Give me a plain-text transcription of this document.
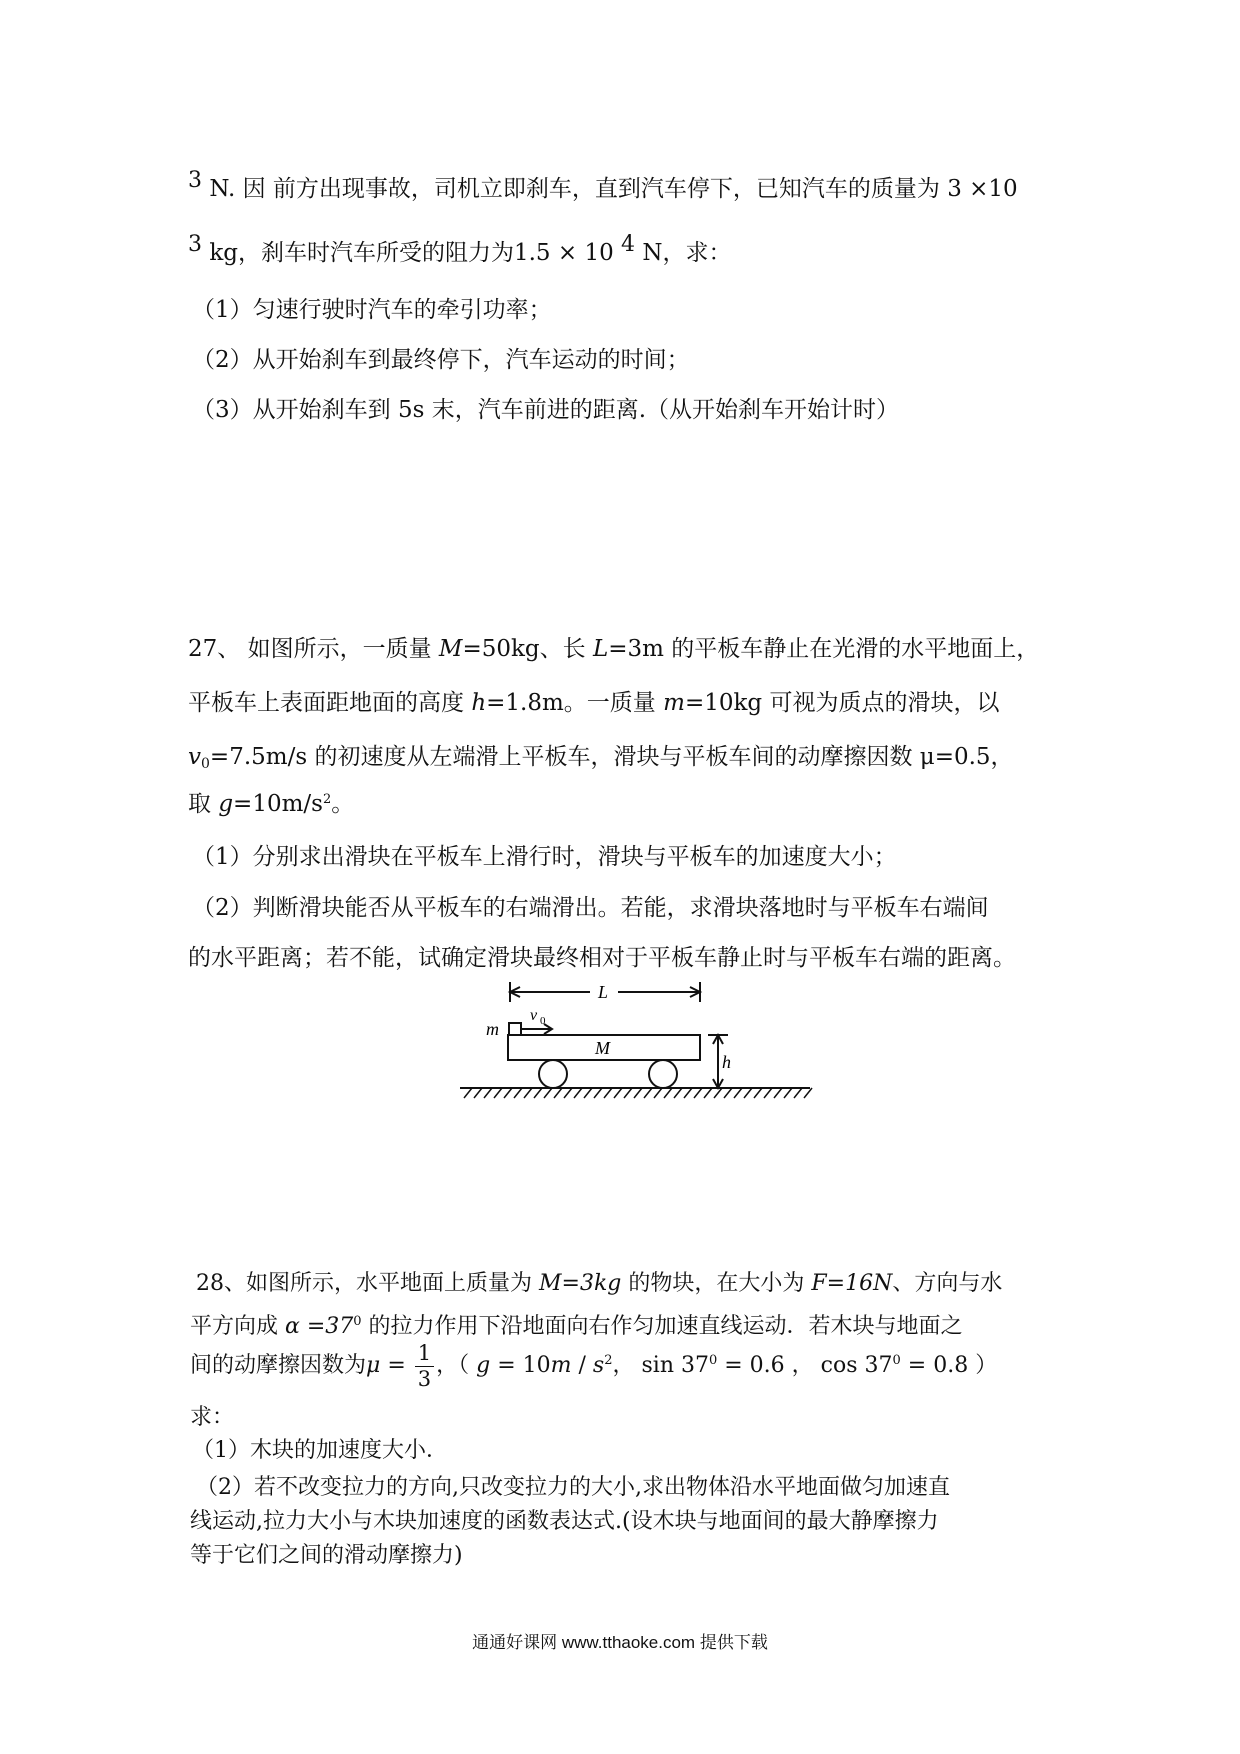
$^3$ N. 因 前方出现事故，司机立即刹车，直到汽车停下，已知汽车的质量为 3 ×10
$^3$ kg，刹车时汽车所受的阻力为1.5 × 10 $^4$ N，求：
（1）匀速行驶时汽车的牵引功率；
（2）从开始刹车到最终停下，汽车运动的时间；
（3）从开始刹车到 5s 末，汽车前进的距离.（从开始刹车开始计时）
27、 如图所示，一质量 M=50kg、长 L=3m 的平板车静止在光滑的水平地面上，
平板车上表面距地面的高度 h=1.8m。一质量 m=10kg 可视为质点的滑块，以
$v_0=7.5m/s$ 的初速度从左端滑上平板车，滑块与平板车间的动摩擦因数 μ=0.5，
取 $g=10m/s^2$。
（1）分别求出滑块在平板车上滑行时，滑块与平板车的加速度大小；
（2）判断滑块能否从平板车的右端滑出。若能，求滑块落地时与平板车右端间
的水平距离；若不能，试确定滑块最终相对于平板车静止时与平板车右端的距离。
L
m
v 0
M
h
28、如图所示，水平地面上质量为 M=3kg 的物块，在大小为 F=16N、方向与水
平方向成 $\alpha =37^0$ 的拉力作用下沿地面向右作匀加速直线运动．若木块与地面之
间的动摩擦因数为$\mu = \frac{1}{3}$ ，（ $g = 10m / s^2$， $\sin 37^0 = 0.6$ ， $\cos 37^0 = 0.8$ ）
求：
（1）木块的加速度大小．
（2）若不改变拉力的方向,只改变拉力的大小,求出物体沿水平地面做匀加速直
线运动,拉力大小与木块加速度的函数表达式.(设木块与地面间的最大静摩擦力
等于它们之间的滑动摩擦力)
通通好课网 www.tthaoke.com 提供下载
